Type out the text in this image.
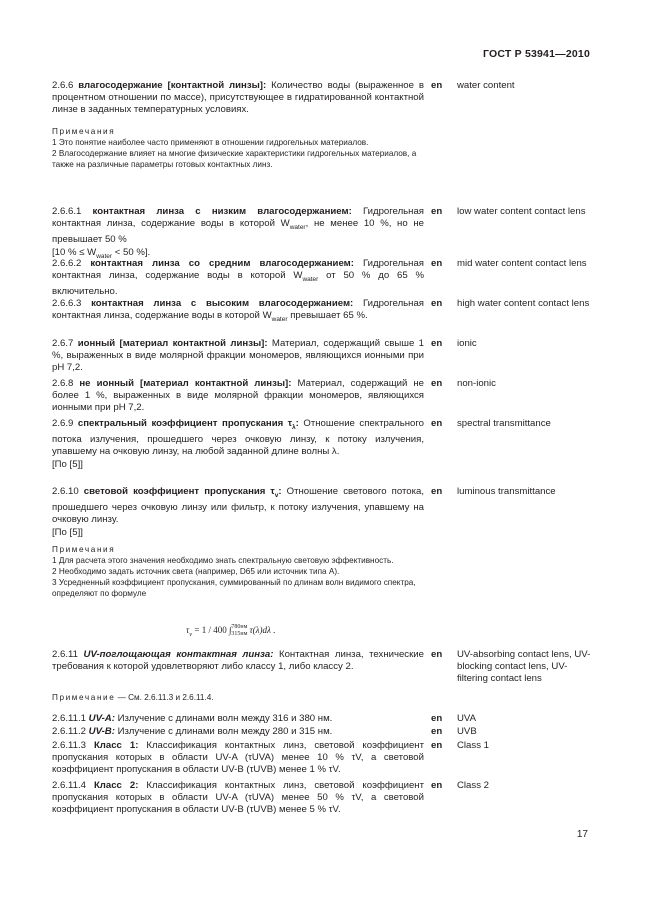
ГОСТ Р 53941—2010
2.6.6 влагосодержание [контактной линзы]: Количество воды (выраженное в процентном отношении по массе), присутствующее в гидратированной контактной линзе в заданных температурных условиях.
en water content
Примечания
1 Это понятие наиболее часто применяют в отношении гидрогельных материалов.
2 Влагосодержание влияет на многие физические характеристики гидрогельных материалов, а также на различные параметры готовых контактных линз.
2.6.6.1 контактная линза с низким влагосодержанием: Гидрогельная контактная линза, содержание воды в которой $W_{water}$, не менее 10 %, но не превышает 50 %
[10 % ≤ $W_{water} < 50$ %].
en low water content contact lens
2.6.6.2 контактная линза со средним влагосодержанием: Гидрогельная контактная линза, содержание воды в которой $W_{water}$ от 50 % до 65 % включительно.
en mid water content contact lens
2.6.6.3 контактная линза с высоким влагосодержанием: Гидрогельная контактная линза, содержание воды в которой $W_{water}$ превышает 65 %.
en high water content contact lens
2.6.7 ионный [материал контактной линзы]: Материал, содержащий свыше 1 %, выраженных в виде молярной фракции мономеров, являющихся ионными при рН 7,2.
en ionic
2.6.8 не ионный [материал контактной линзы]: Материал, содержащий не более 1 %, выраженных в виде молярной фракции мономеров, являющихся ионными при рН 7,2.
en non-ionic
2.6.9 спектральный коэффициент пропускания $\tau_\lambda$: Отношение спектрального потока излучения, прошедшего через очковую линзу, к потоку излучения, упавшему на очковую линзу, на любой заданной длине волны λ.
[По [5]]
en spectral transmittance
2.6.10 световой коэффициент пропускания $\tau_v$: Отношение светового потока, прошедшего через очковую линзу или фильтр, к потоку излучения, упавшему на очковую линзу.
[По [5]]
en luminous transmittance
Примечания
1 Для расчета этого значения необходимо знать спектральную световую эффективность.
2 Необходимо задать источник света (например, D65 или источник типа A).
3 Усредненный коэффициент пропускания, суммированный по длинам волн видимого спектра, определяют по формуле
$\tau_v = 1 / 400$ ∫ 780нм
315нм τ(λ)dλ .
2.6.11 UV-поглощающая контактная линза: Контактная линза, технические требования к которой удовлетворяют либо классу 1, либо классу 2.
en UV-absorbing contact lens, UV-blocking contact lens, UV-filtering contact lens
Примечание — См. 2.6.11.3 и 2.6.11.4.
2.6.11.1 UV-A: Излучение с длинами волн между 316 и 380 нм.	en UVA
2.6.11.2 UV-B: Излучение с длинами волн между 280 и 315 нм.	en UVB
2.6.11.3 Класс 1: Классификация контактных линз, световой коэффициент пропускания которых в области UV-A (τUVA) менее 10 % τV, а световой коэффициент пропускания в области UV-B (τUVB) менее 1 % τV.
en Class 1
2.6.11.4 Класс 2: Классификация контактных линз, световой коэффициент пропускания которых в области UV-A (τUVA) менее 50 % τV, а световой коэффициент пропускания в области UV-B (τUVB) менее 5 % τV.
en Class 2
17
